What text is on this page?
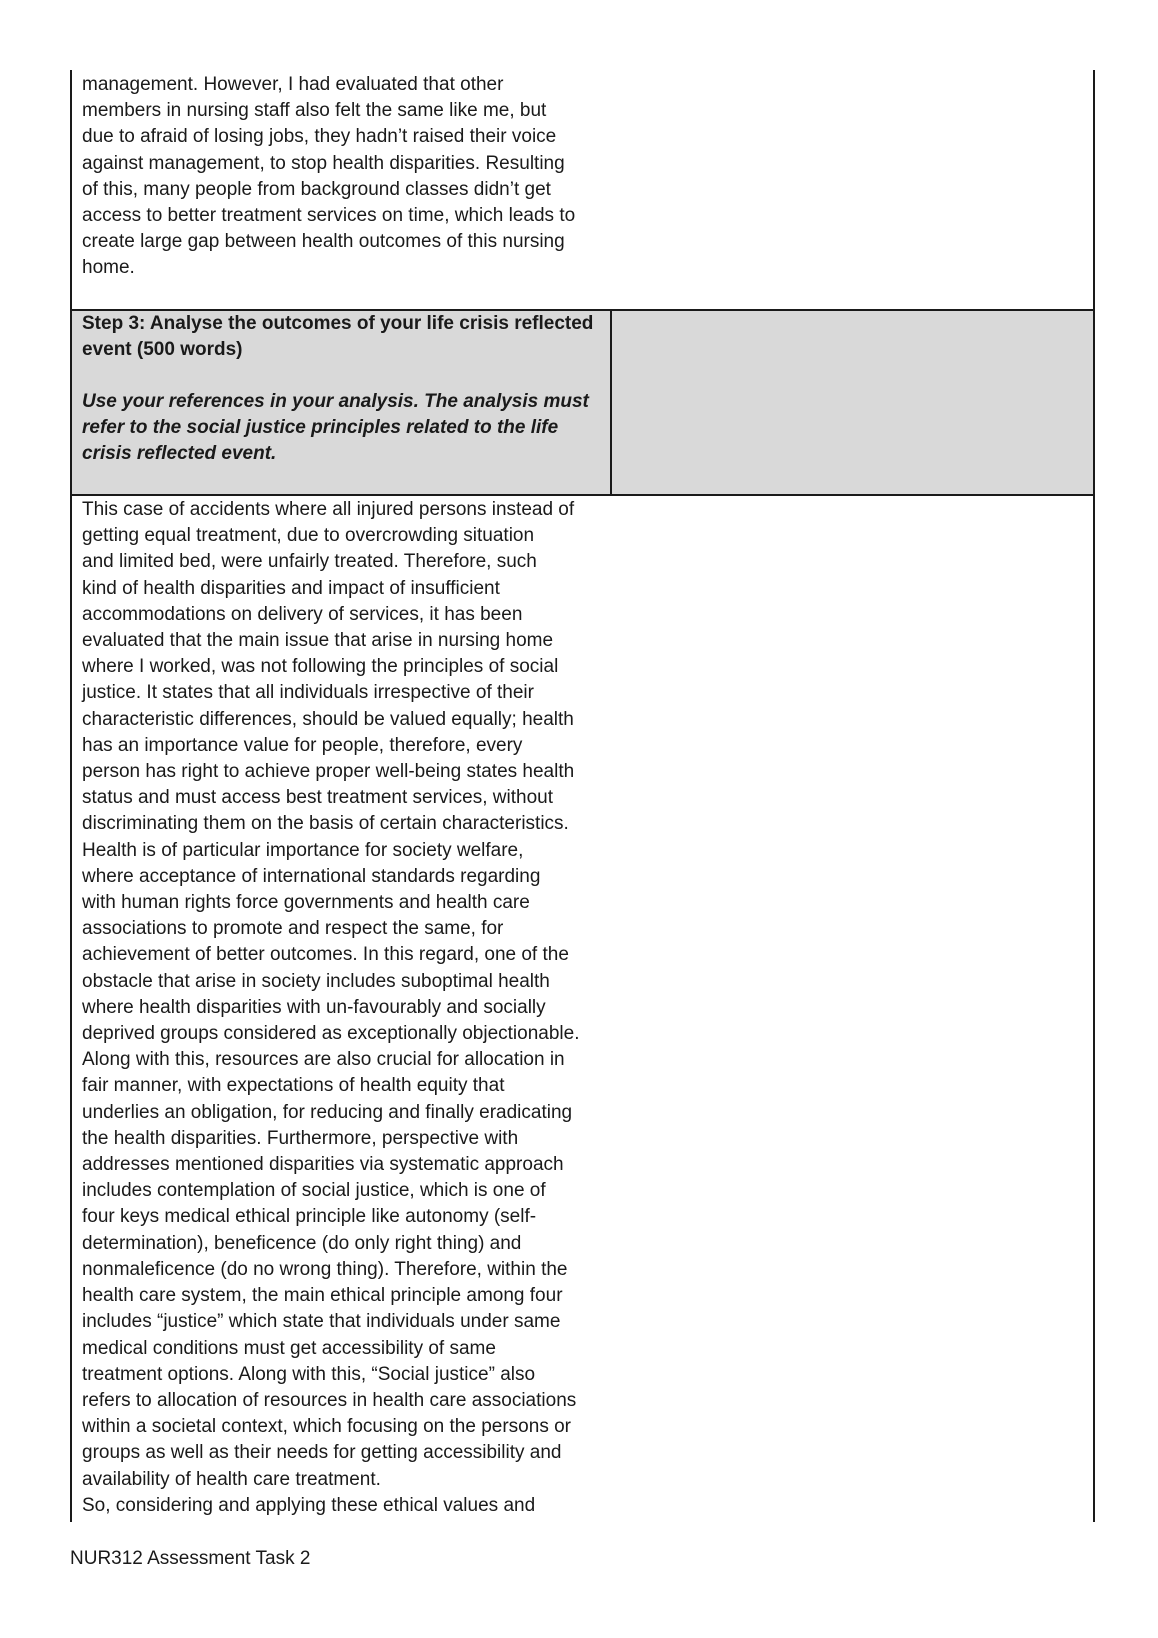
management. However, I had evaluated that other
members in nursing staff also felt the same like me, but
due to afraid of losing jobs, they hadn’t raised their voice
against management, to stop health disparities. Resulting
of this, many people from background classes didn’t get
access to better treatment services on time, which leads to
create large gap between health outcomes of this nursing
home.
Step 3: Analyse the outcomes of your life crisis reflected
event (500 words)
Use your references in your analysis. The analysis must
refer to the social justice principles related to the life
crisis reflected event.
This case of accidents where all injured persons instead of
getting equal treatment, due to overcrowding situation
and limited bed, were unfairly treated. Therefore, such
kind of health disparities and impact of insufficient
accommodations on delivery of services, it has been
evaluated that the main issue that arise in nursing home
where I worked, was not following the principles of social
justice. It states that all individuals irrespective of their
characteristic differences, should be valued equally; health
has an importance value for people, therefore, every
person has right to achieve proper well-being states health
status and must access best treatment services, without
discriminating them on the basis of certain characteristics.
Health is of particular importance for society welfare,
where acceptance of international standards regarding
with human rights force governments and health care
associations to promote and respect the same, for
achievement of better outcomes. In this regard, one of the
obstacle that arise in society includes suboptimal health
where health disparities with un-favourably and socially
deprived groups considered as exceptionally objectionable.
Along with this, resources are also crucial for allocation in
fair manner, with expectations of health equity that
underlies an obligation, for reducing and finally eradicating
the health disparities. Furthermore, perspective with
addresses mentioned disparities via systematic approach
includes contemplation of social justice, which is one of
four keys medical ethical principle like autonomy (self-
determination), beneficence (do only right thing) and
nonmaleficence (do no wrong thing). Therefore, within the
health care system, the main ethical principle among four
includes “justice” which state that individuals under same
medical conditions must get accessibility of same
treatment options. Along with this, “Social justice” also
refers to allocation of resources in health care associations
within a societal context, which focusing on the persons or
groups as well as their needs for getting accessibility and
availability of health care treatment.
So, considering and applying these ethical values and
NUR312 Assessment Task 2
